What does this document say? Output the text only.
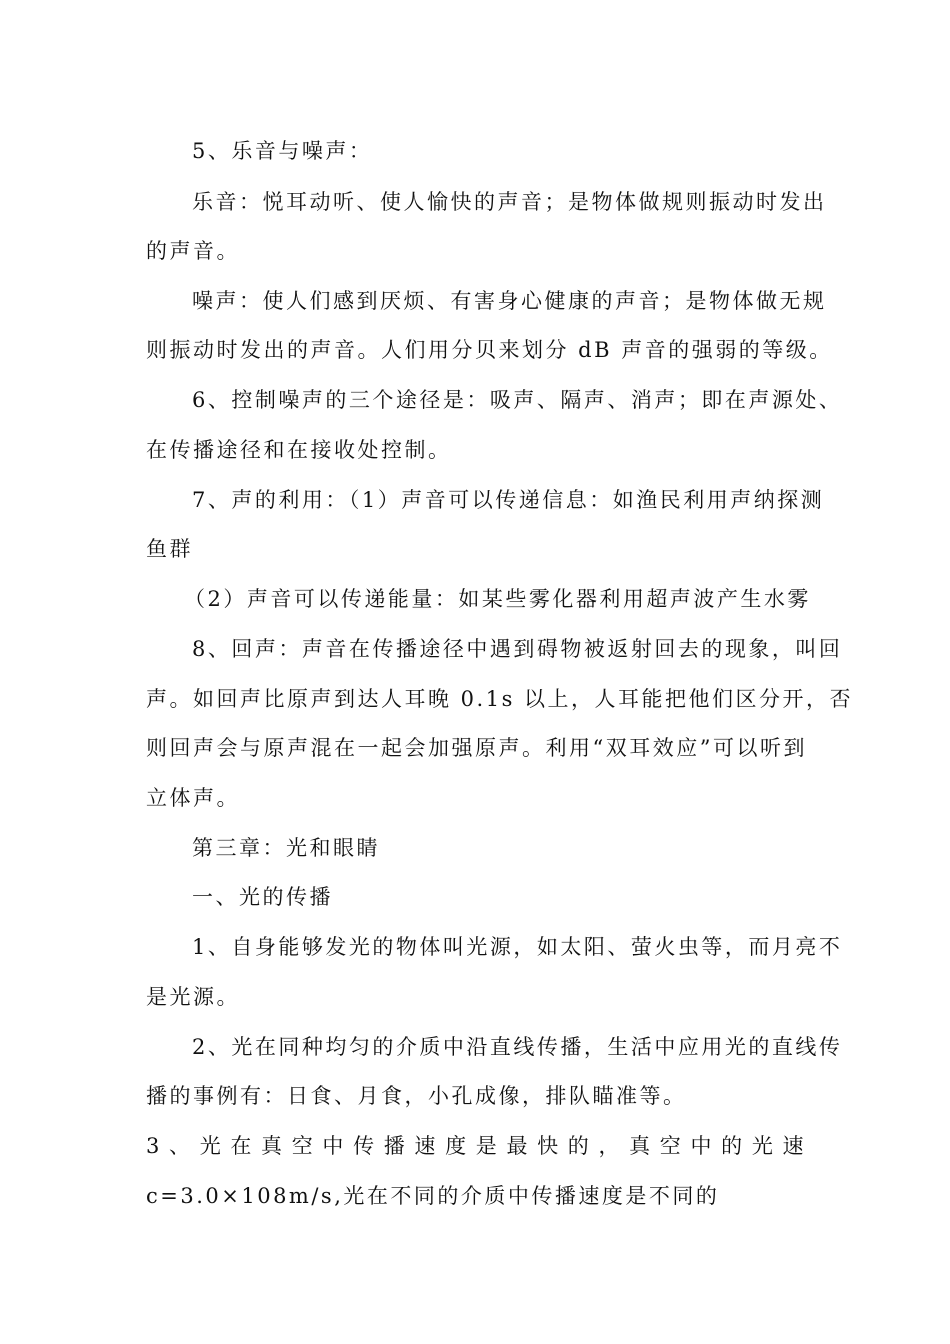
5、乐音与噪声：
乐音：悦耳动听、使人愉快的声音；是物体做规则振动时发出
的声音。
噪声：使人们感到厌烦、有害身心健康的声音；是物体做无规
则振动时发出的声音。人们用分贝来划分 dB 声音的强弱的等级。
6、控制噪声的三个途径是：吸声、隔声、消声；即在声源处、
在传播途径和在接收处控制。
7、声的利用：（1）声音可以传递信息：如渔民利用声纳探测
鱼群
（2）声音可以传递能量：如某些雾化器利用超声波产生水雾
8、回声：声音在传播途径中遇到碍物被返射回去的现象，叫回
声。如回声比原声到达人耳晚 0.1s 以上，人耳能把他们区分开，否
则回声会与原声混在一起会加强原声。利用“双耳效应”可以听到
立体声。
第三章：光和眼睛
一、光的传播
1、自身能够发光的物体叫光源，如太阳、萤火虫等，而月亮不
是光源。
2、光在同种均匀的介质中沿直线传播，生活中应用光的直线传
播的事例有：日食、月食，小孔成像，排队瞄准等。
3、光在真空中传播速度是最快的，真空中的光速
c=3.0×108m/s,光在不同的介质中传播速度是不同的
